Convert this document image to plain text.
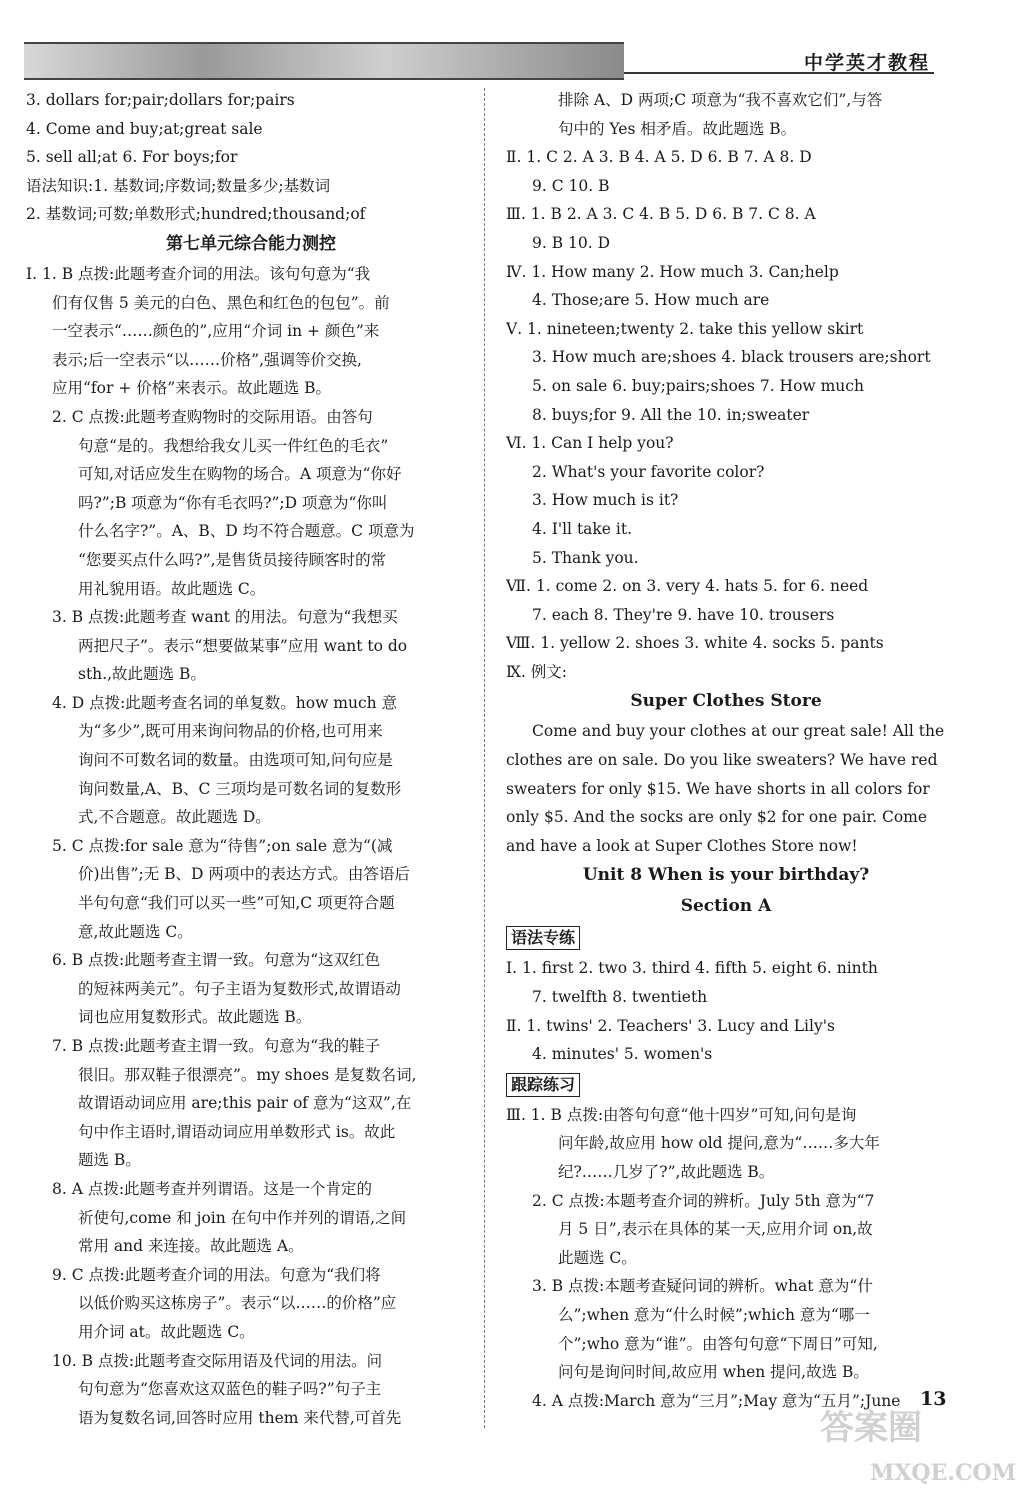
中学英才教程
3. dollars for;pair;dollars for;pairs
4. Come and buy;at;great sale
5. sell all;at 6. For boys;for
语法知识:1. 基数词;序数词;数量多少;基数词
2. 基数词;可数;单数形式;hundred;thousand;of
第七单元综合能力测控
Ⅰ. 1. B 点拨:此题考查介词的用法。该句句意为“我
们有仅售 5 美元的白色、黑色和红色的包包”。前
一空表示“……颜色的”,应用“介词 in + 颜色”来
表示;后一空表示“以……价格”,强调等价交换,
应用“for + 价格”来表示。故此题选 B。
2. C 点拨:此题考查购物时的交际用语。由答句
句意“是的。我想给我女儿买一件红色的毛衣”
可知,对话应发生在购物的场合。A 项意为“你好
吗?”;B 项意为“你有毛衣吗?”;D 项意为“你叫
什么名字?”。A、B、D 均不符合题意。C 项意为
“您要买点什么吗?”,是售货员接待顾客时的常
用礼貌用语。故此题选 C。
3. B 点拨:此题考查 want 的用法。句意为“我想买
两把尺子”。表示“想要做某事”应用 want to do
sth.,故此题选 B。
4. D 点拨:此题考查名词的单复数。how much 意
为“多少”,既可用来询问物品的价格,也可用来
询问不可数名词的数量。由选项可知,问句应是
询问数量,A、B、C 三项均是可数名词的复数形
式,不合题意。故此题选 D。
5. C 点拨:for sale 意为“待售”;on sale 意为“(减
价)出售”;无 B、D 两项中的表达方式。由答语后
半句句意“我们可以买一些”可知,C 项更符合题
意,故此题选 C。
6. B 点拨:此题考查主谓一致。句意为“这双红色
的短袜两美元”。句子主语为复数形式,故谓语动
词也应用复数形式。故此题选 B。
7. B 点拨:此题考查主谓一致。句意为“我的鞋子
很旧。那双鞋子很漂亮”。my shoes 是复数名词,
故谓语动词应用 are;this pair of 意为“这双”,在
句中作主语时,谓语动词应用单数形式 is。故此
题选 B。
8. A 点拨:此题考查并列谓语。这是一个肯定的
祈使句,come 和 join 在句中作并列的谓语,之间
常用 and 来连接。故此题选 A。
9. C 点拨:此题考查介词的用法。句意为“我们将
以低价购买这栋房子”。表示“以……的价格”应
用介词 at。故此题选 C。
10. B 点拨:此题考查交际用语及代词的用法。问
句句意为“您喜欢这双蓝色的鞋子吗?”句子主
语为复数名词,回答时应用 them 来代替,可首先
排除 A、D 两项;C 项意为“我不喜欢它们”,与答
句中的 Yes 相矛盾。故此题选 B。
Ⅱ. 1. C 2. A 3. B 4. A 5. D 6. B 7. A 8. D
9. C 10. B
Ⅲ. 1. B 2. A 3. C 4. B 5. D 6. B 7. C 8. A
9. B 10. D
Ⅳ. 1. How many 2. How much 3. Can;help
4. Those;are 5. How much are
Ⅴ. 1. nineteen;twenty 2. take this yellow skirt
3. How much are;shoes 4. black trousers are;short
5. on sale 6. buy;pairs;shoes 7. How much
8. buys;for 9. All the 10. in;sweater
Ⅵ. 1. Can I help you?
2. What's your favorite color?
3. How much is it?
4. I'll take it.
5. Thank you.
Ⅶ. 1. come 2. on 3. very 4. hats 5. for 6. need
7. each 8. They're 9. have 10. trousers
Ⅷ. 1. yellow 2. shoes 3. white 4. socks 5. pants
Ⅸ. 例文:
Super Clothes Store
Come and buy your clothes at our great sale! All the
clothes are on sale. Do you like sweaters? We have red
sweaters for only $15. We have shorts in all colors for
only $5. And the socks are only $2 for one pair. Come
and have a look at Super Clothes Store now!
Unit 8 When is your birthday?
Section A
语法专练
Ⅰ. 1. first 2. two 3. third 4. fifth 5. eight 6. ninth
7. twelfth 8. twentieth
Ⅱ. 1. twins' 2. Teachers' 3. Lucy and Lily's
4. minutes' 5. women's
跟踪练习
Ⅲ. 1. B 点拨:由答句句意“他十四岁”可知,问句是询
问年龄,故应用 how old 提问,意为“……多大年
纪?……几岁了?”,故此题选 B。
2. C 点拨:本题考查介词的辨析。July 5th 意为“7
月 5 日”,表示在具体的某一天,应用介词 on,故
此题选 C。
3. B 点拨:本题考查疑问词的辨析。what 意为“什
么”;when 意为“什么时候”;which 意为“哪一
个”;who 意为“谁”。由答句句意“下周日”可知,
问句是询问时间,故应用 when 提问,故选 B。
4. A 点拨:March 意为“三月”;May 意为“五月”;June	13
答案圈
MXQE.COM
